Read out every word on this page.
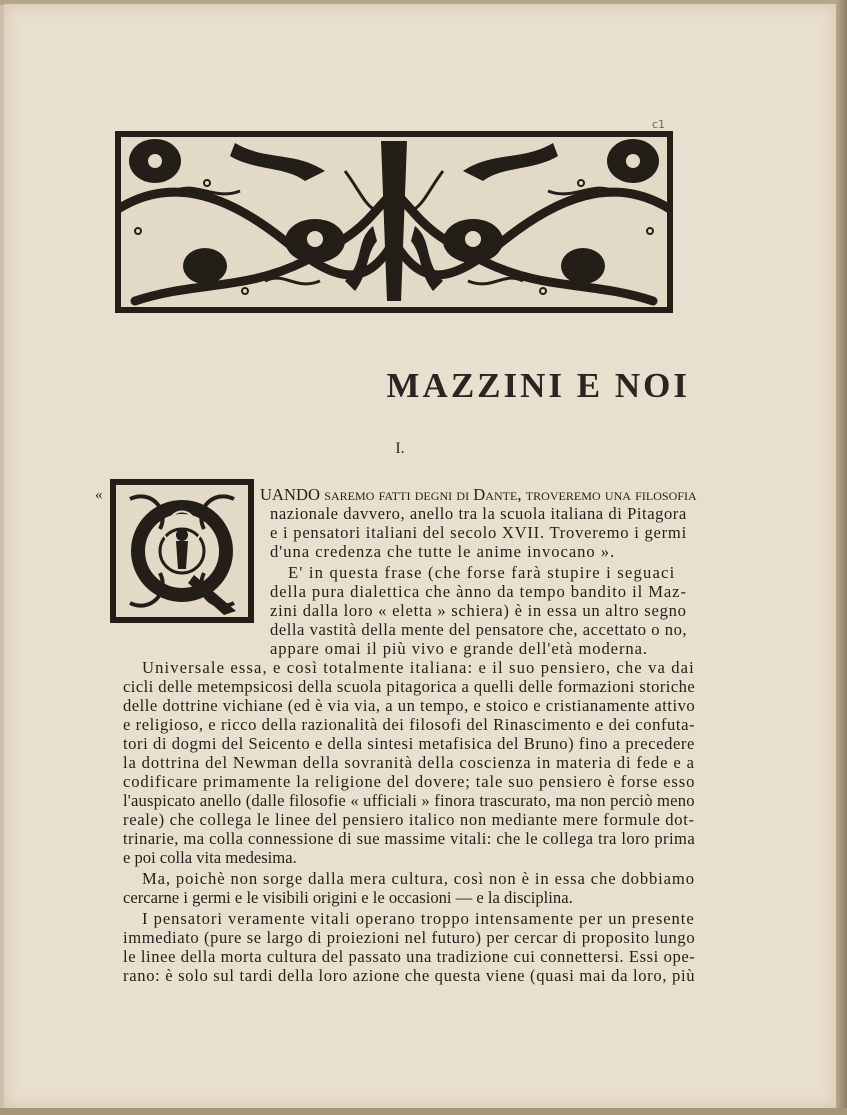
c1
MAZZINI E NOI
I.
«	UANDO saremo fatti degni di Dante, troveremo una filosofia
nazionale davvero, anello tra la scuola italiana di Pitagora
e i pensatori italiani del secolo XVII. Troveremo i germi
d'una credenza che tutte le anime invocano ».
E' in questa frase (che forse farà stupire i seguaci
della pura dialettica che ànno da tempo bandito il Maz-
zini dalla loro « eletta » schiera) è in essa un altro segno
della vastità della mente del pensatore che, accettato o no,
appare omai il più vivo e grande dell'età moderna.
Universale essa, e così totalmente italiana: e il suo pensiero, che va dai
cicli delle metempsicosi della scuola pitagorica a quelli delle formazioni storiche
delle dottrine vichiane (ed è via via, a un tempo, e stoico e cristianamente attivo
e religioso, e ricco della razionalità dei filosofi del Rinascimento e dei confuta-
tori di dogmi del Seicento e della sintesi metafisica del Bruno) fino a precedere
la dottrina del Newman della sovranità della coscienza in materia di fede e a
codificare primamente la religione del dovere; tale suo pensiero è forse esso
l'auspicato anello (dalle filosofie « ufficiali » finora trascurato, ma non perciò meno
reale) che collega le linee del pensiero italico non mediante mere formule dot-
trinarie, ma colla connessione di sue massime vitali: che le collega tra loro prima
e poi colla vita medesima.
Ma, poichè non sorge dalla mera cultura, così non è in essa che dobbiamo
cercarne i germi e le visibili origini e le occasioni — e la disciplina.
I pensatori veramente vitali operano troppo intensamente per un presente
immediato (pure se largo di proiezioni nel futuro) per cercar di proposito lungo
le linee della morta cultura del passato una tradizione cui connettersi. Essi ope-
rano: è solo sul tardi della loro azione che questa viene (quasi mai da loro, più
